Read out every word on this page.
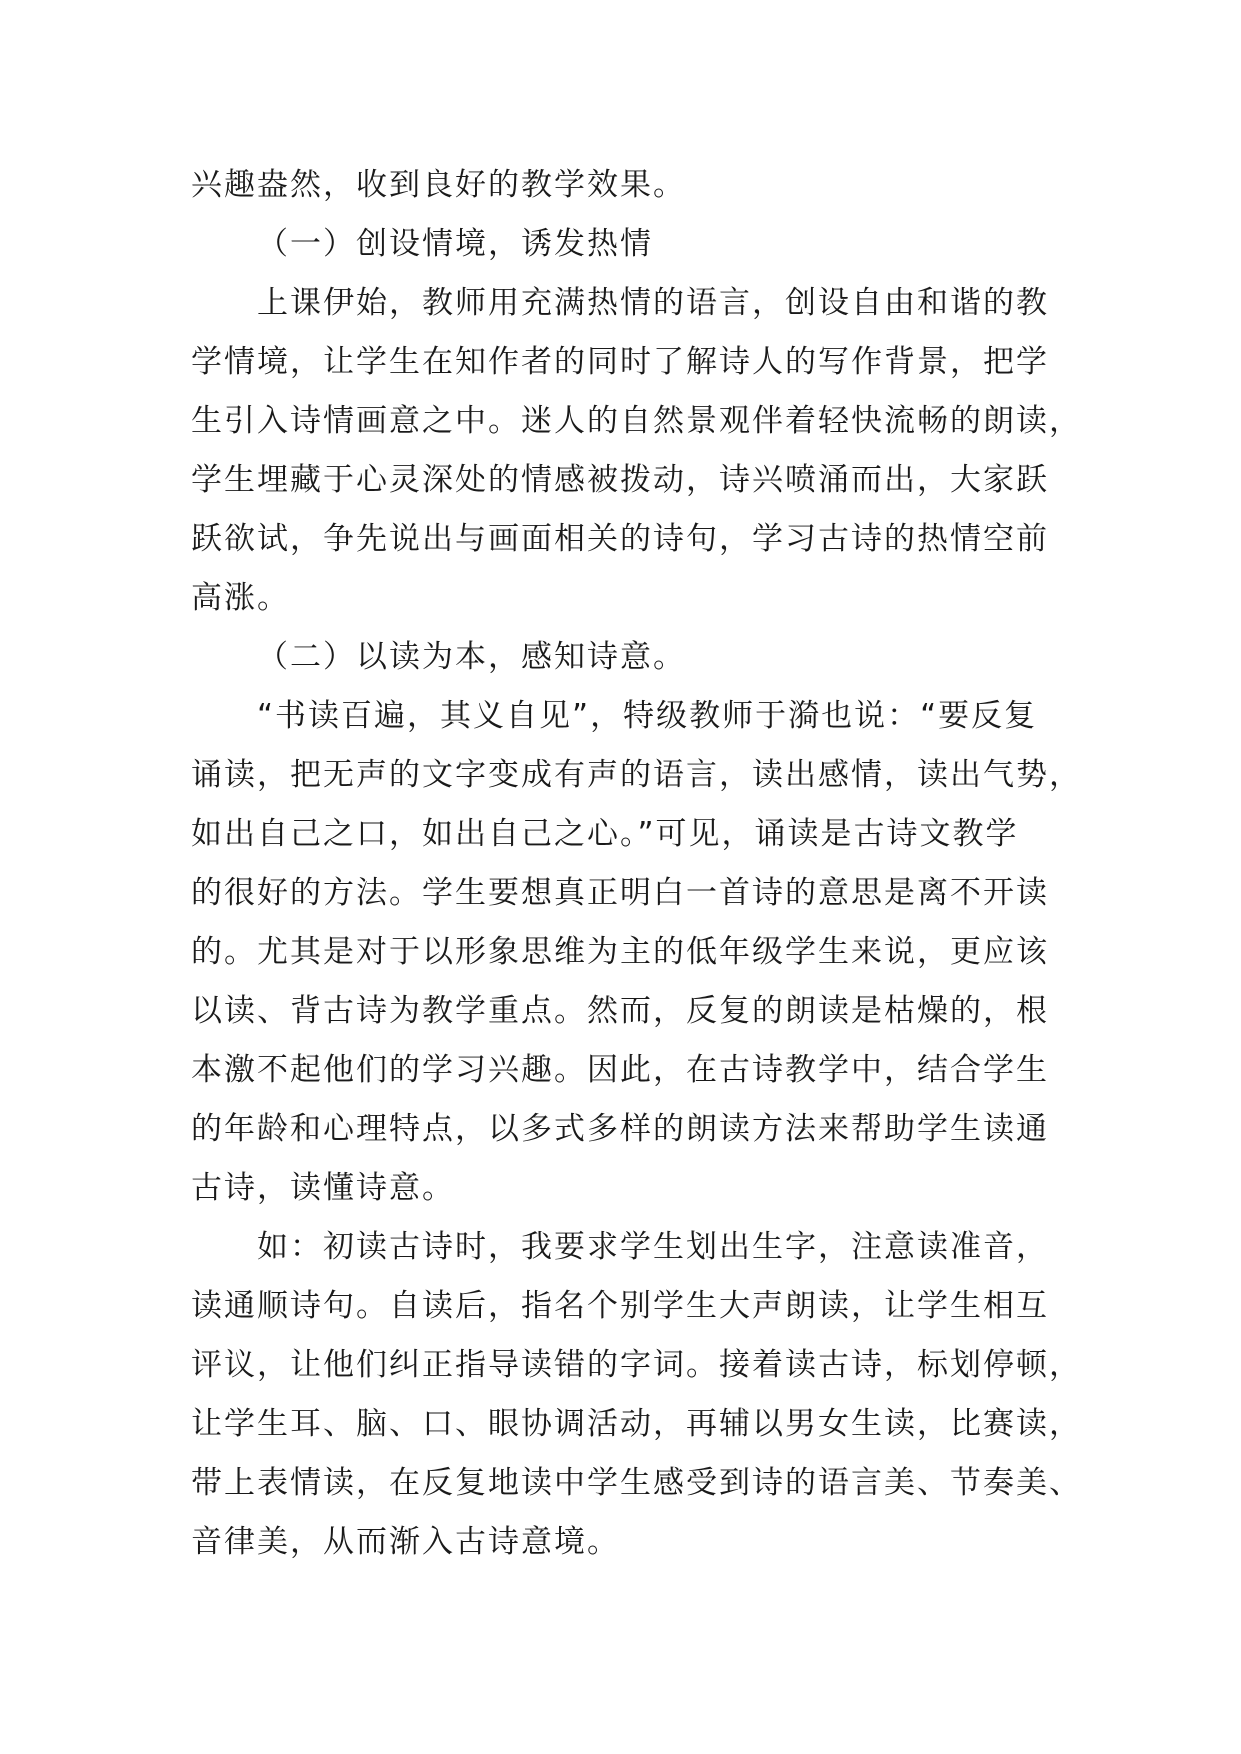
兴趣盎然，收到良好的教学效果。
（一）创设情境，诱发热情
上课伊始，教师用充满热情的语言，创设自由和谐的教
学情境，让学生在知作者的同时了解诗人的写作背景，把学
生引入诗情画意之中。迷人的自然景观伴着轻快流畅的朗读，
学生埋藏于心灵深处的情感被拨动，诗兴喷涌而出，大家跃
跃欲试，争先说出与画面相关的诗句，学习古诗的热情空前
高涨。
（二）以读为本，感知诗意。
“书读百遍，其义自见”，特级教师于漪也说：“要反复
诵读，把无声的文字变成有声的语言，读出感情，读出气势，
如出自己之口，如出自己之心。”可见，诵读是古诗文教学
的很好的方法。学生要想真正明白一首诗的意思是离不开读
的。尤其是对于以形象思维为主的低年级学生来说，更应该
以读、背古诗为教学重点。然而，反复的朗读是枯燥的，根
本激不起他们的学习兴趣。因此，在古诗教学中，结合学生
的年龄和心理特点，以多式多样的朗读方法来帮助学生读通
古诗，读懂诗意。
如：初读古诗时，我要求学生划出生字，注意读准音，
读通顺诗句。自读后，指名个别学生大声朗读，让学生相互
评议，让他们纠正指导读错的字词。接着读古诗，标划停顿，
让学生耳、脑、口、眼协调活动，再辅以男女生读，比赛读，
带上表情读，在反复地读中学生感受到诗的语言美、节奏美、
音律美，从而渐入古诗意境。
